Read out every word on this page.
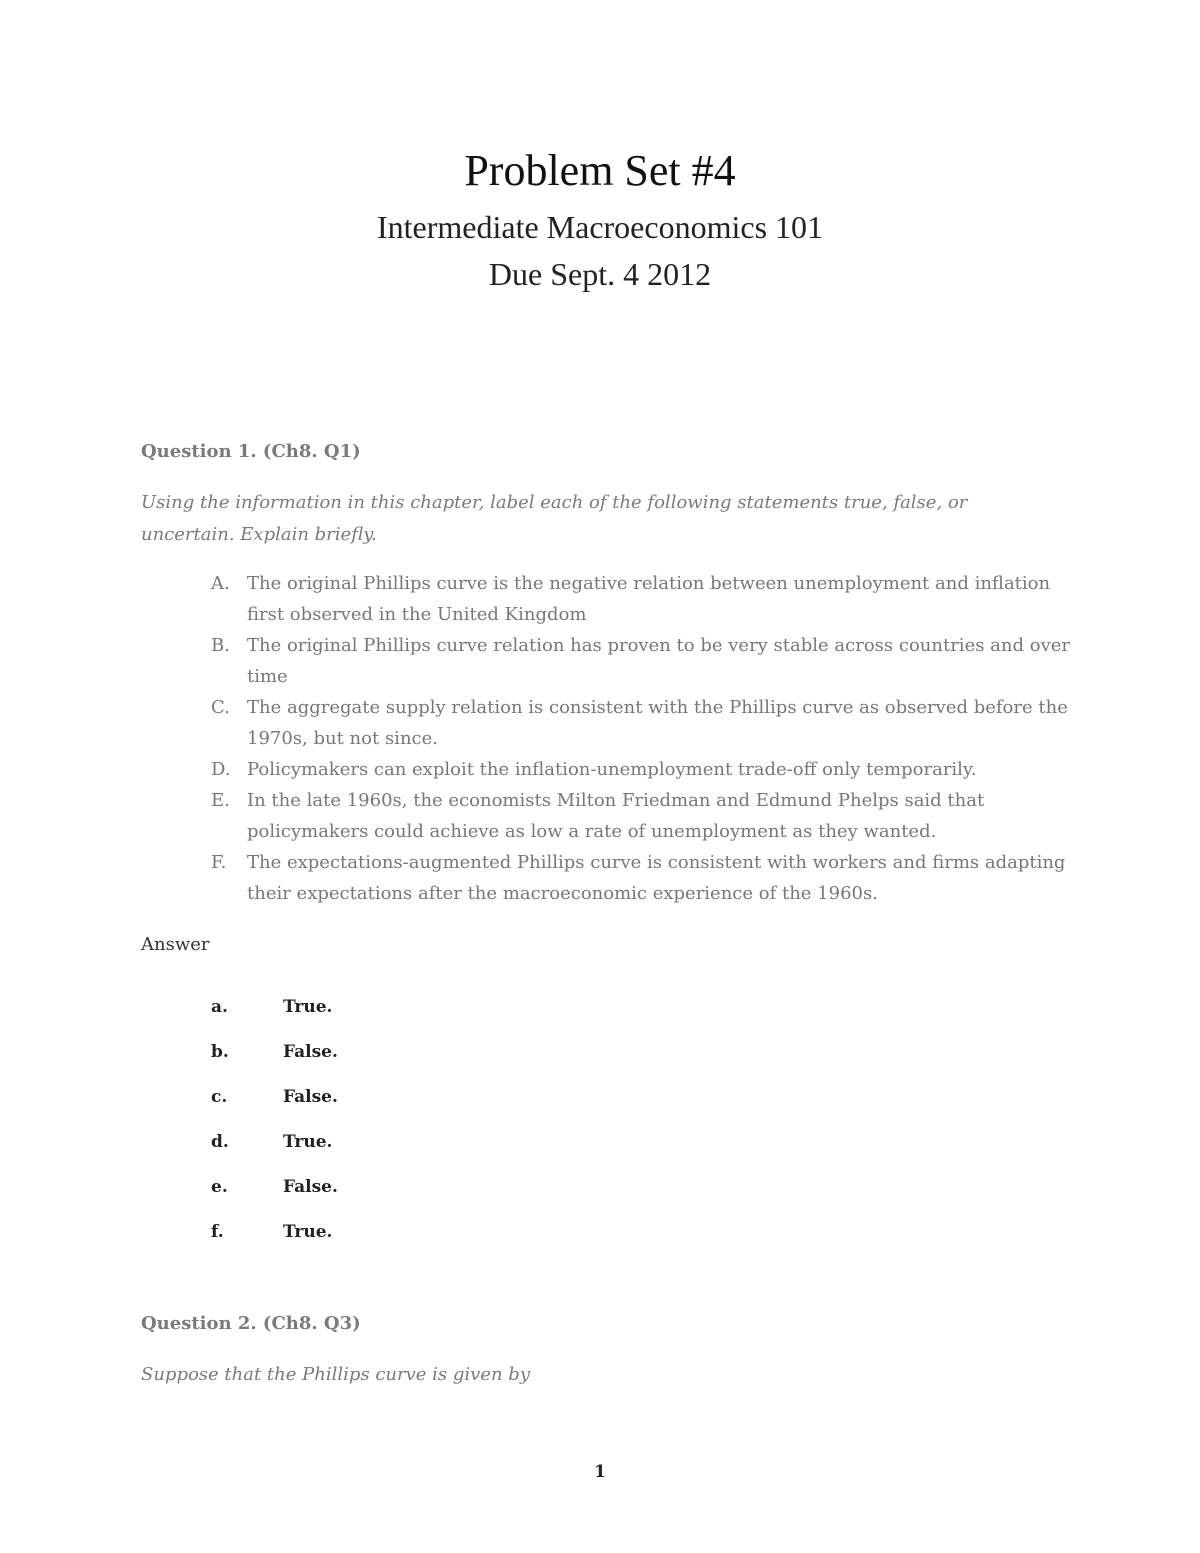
Problem Set #4
Intermediate Macroeconomics 101
Due Sept. 4 2012
Question 1. (Ch8. Q1)
Using the information in this chapter, label each of the following statements true, false, or uncertain. Explain briefly.
A. The original Phillips curve is the negative relation between unemployment and inflation first observed in the United Kingdom
B. The original Phillips curve relation has proven to be very stable across countries and over time
C. The aggregate supply relation is consistent with the Phillips curve as observed before the 1970s, but not since.
D. Policymakers can exploit the inflation-unemployment trade-off only temporarily.
E. In the late 1960s, the economists Milton Friedman and Edmund Phelps said that policymakers could achieve as low a rate of unemployment as they wanted.
F.	The expectations-augmented Phillips curve is consistent with workers and firms adapting their expectations after the macroeconomic experience of the 1960s.
Answer
a.	True.
b.	False.
c.	False.
d.	True.
e.	False.
f.	True.
Question 2. (Ch8. Q3)
Suppose that the Phillips curve is given by
1
